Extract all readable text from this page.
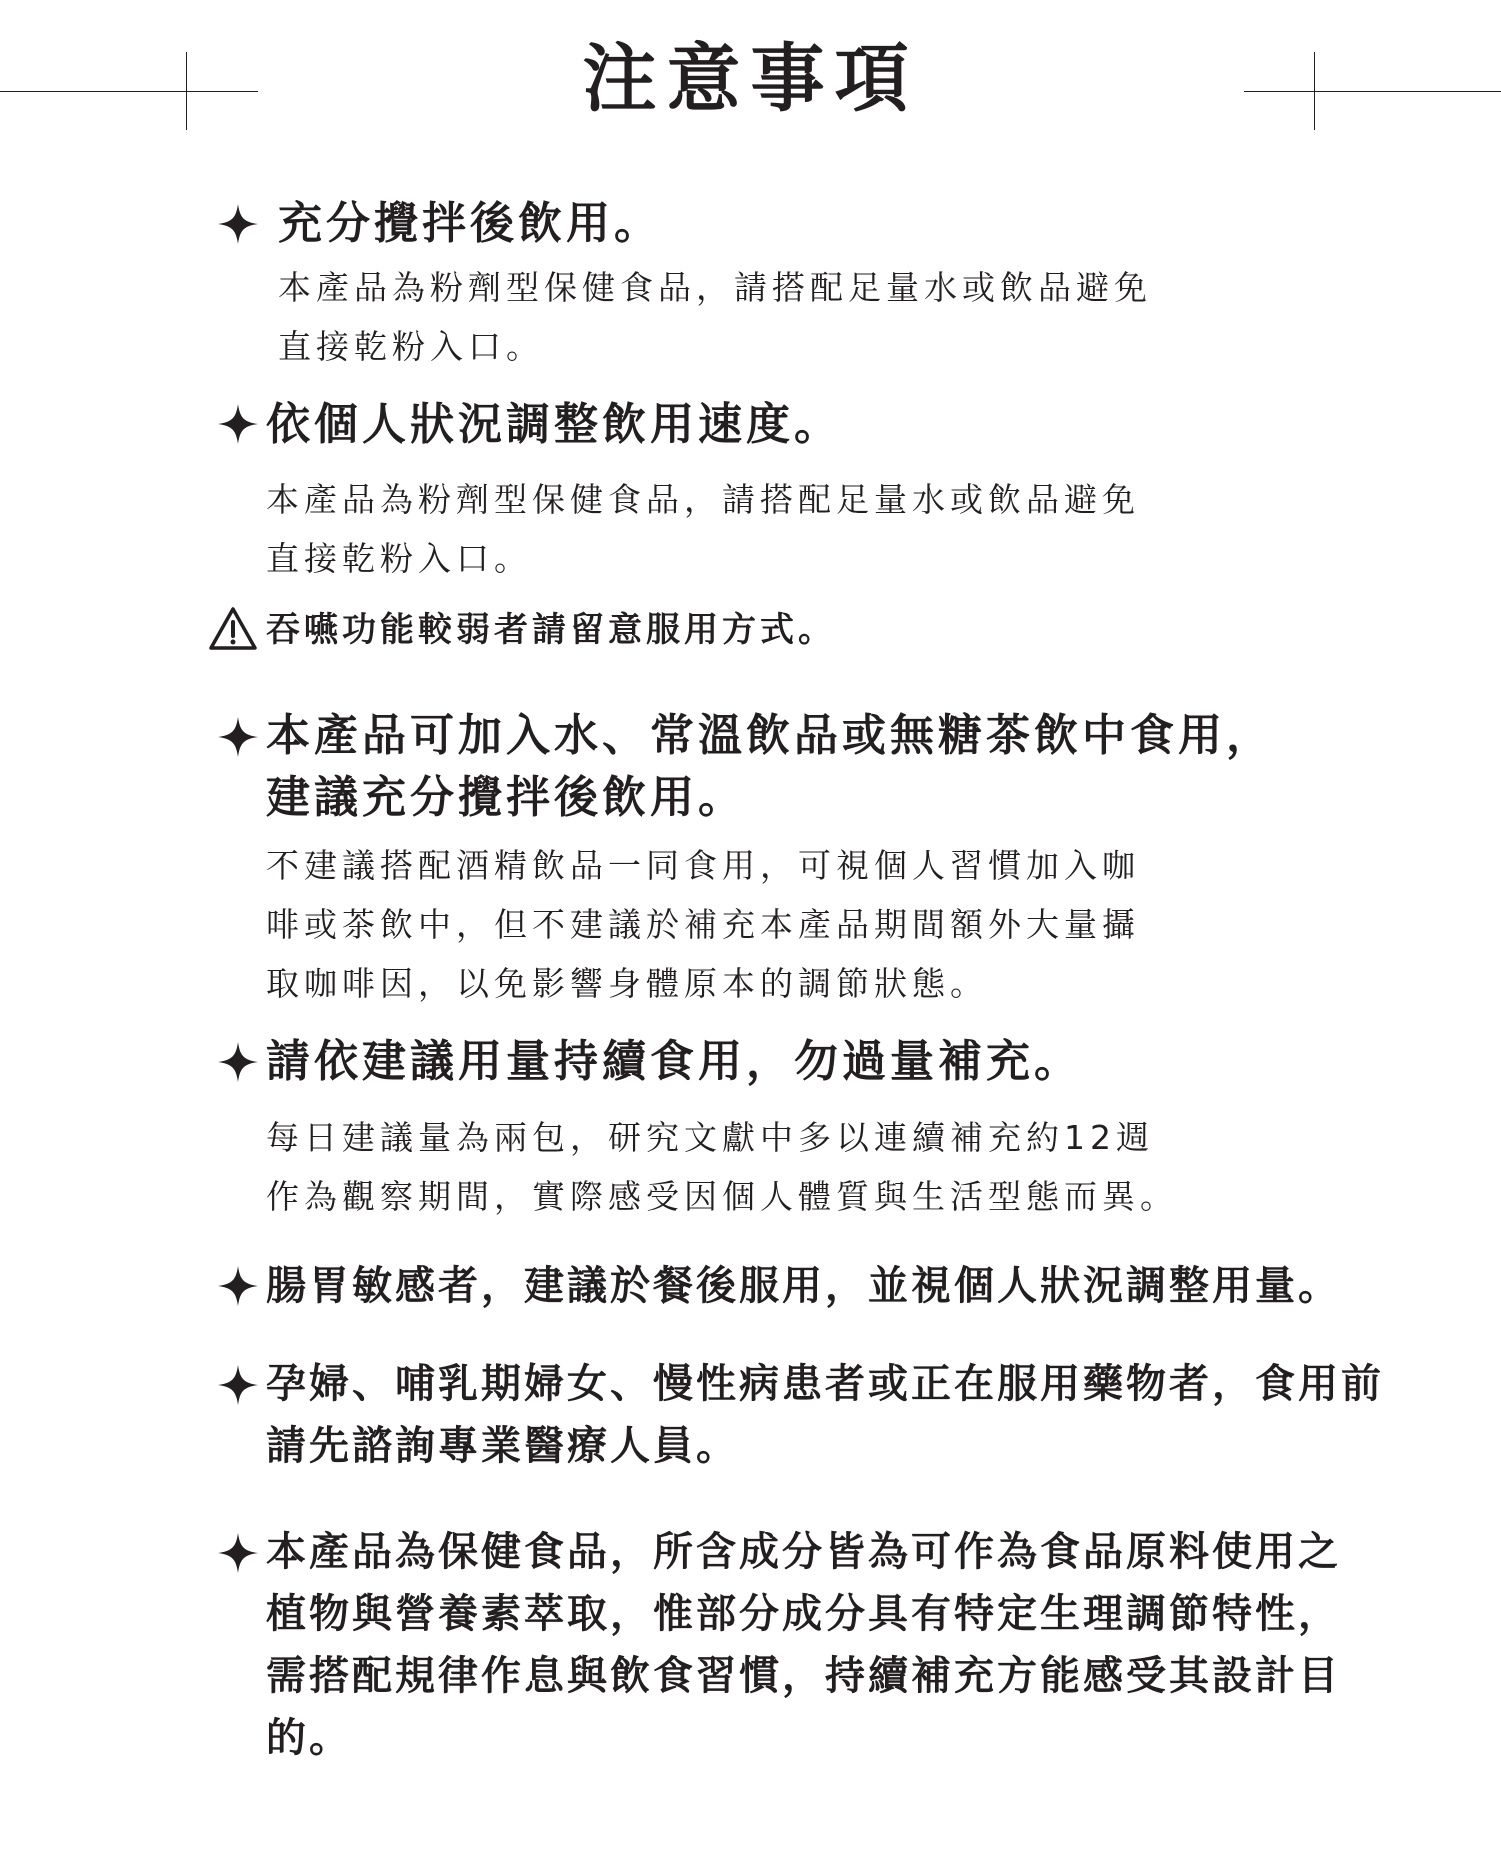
注意事項
充分攪拌後飲用。
本產品為粉劑型保健食品，請搭配足量水或飲品避免
直接乾粉入口。
依個人狀況調整飲用速度。
本產品為粉劑型保健食品，請搭配足量水或飲品避免
直接乾粉入口。
吞嚥功能較弱者請留意服用方式。
本產品可加入水、常溫飲品或無糖茶飲中食用，
建議充分攪拌後飲用。
不建議搭配酒精飲品一同食用，可視個人習慣加入咖
啡或茶飲中，但不建議於補充本產品期間額外大量攝
取咖啡因，以免影響身體原本的調節狀態。
請依建議用量持續食用，勿過量補充。
每日建議量為兩包，研究文獻中多以連續補充約12週
作為觀察期間，實際感受因個人體質與生活型態而異。
腸胃敏感者，建議於餐後服用，並視個人狀況調整用量。
孕婦、哺乳期婦女、慢性病患者或正在服用藥物者，食用前
請先諮詢專業醫療人員。
本產品為保健食品，所含成分皆為可作為食品原料使用之
植物與營養素萃取，惟部分成分具有特定生理調節特性，
需搭配規律作息與飲食習慣，持續補充方能感受其設計目
的。
